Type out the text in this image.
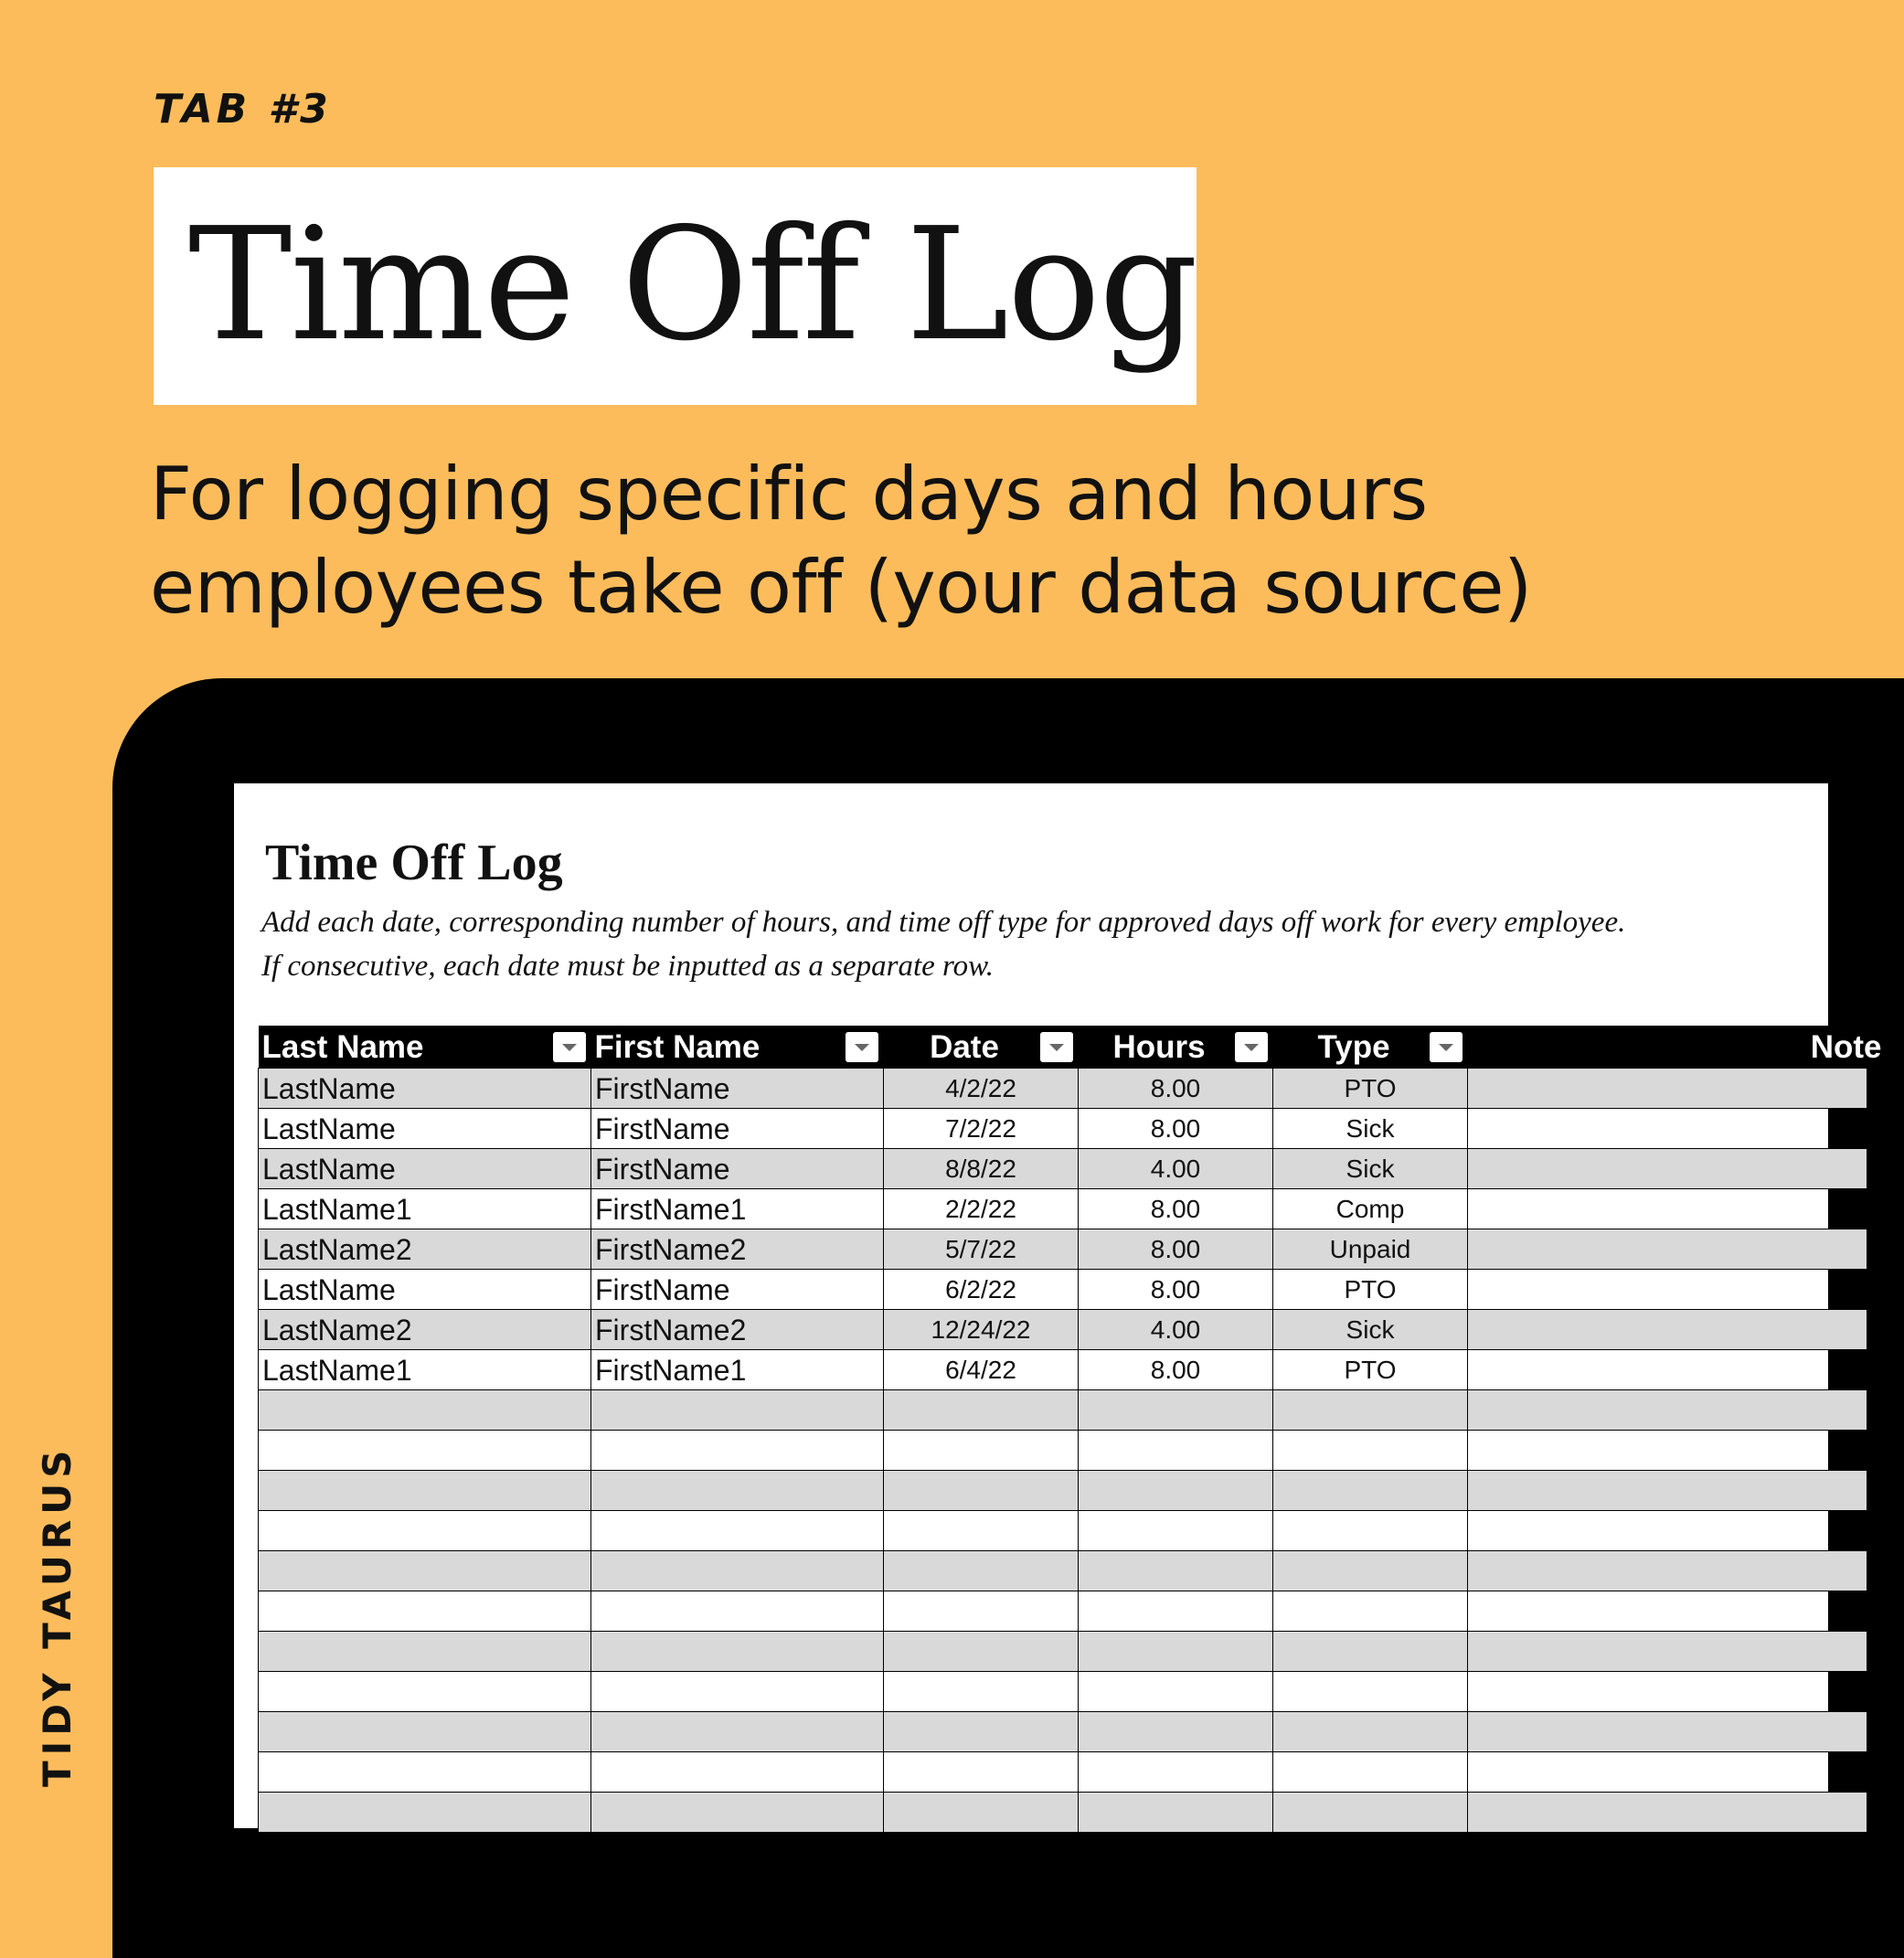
TAB #3
Time Off Log
For logging specific days and hours
employees take off (your data source)
TIDY TAURUS
Time Off Log
Add each date, corresponding number of hours, and time off type for approved days off work for every employee.
If consecutive, each date must be inputted as a separate row.
Last Name	First Name	Date	Hours	Type	Note
LastName	FirstName	4/2/22	8.00	PTO	
LastName	FirstName	7/2/22	8.00	Sick	
LastName	FirstName	8/8/22	4.00	Sick	
LastName1	FirstName1	2/2/22	8.00	Comp	
LastName2	FirstName2	5/7/22	8.00	Unpaid	
LastName	FirstName	6/2/22	8.00	PTO	
LastName2	FirstName2	12/24/22	4.00	Sick	
LastName1	FirstName1	6/4/22	8.00	PTO	
